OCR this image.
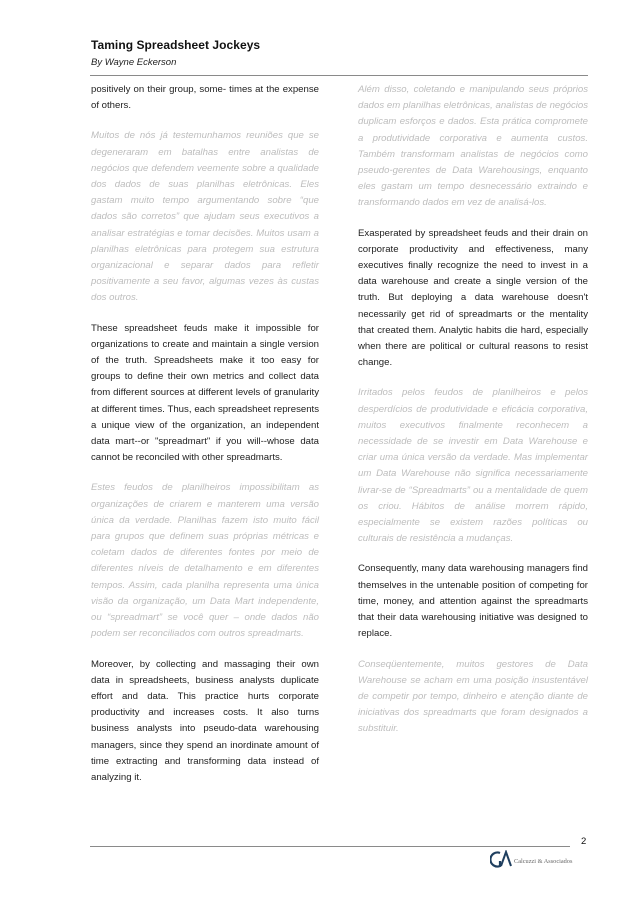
Taming Spreadsheet Jockeys
By Wayne Eckerson

positively on their group, some- times at the expense of others.

Muitos de nós já testemunhamos reuniões que se degeneraram em batalhas entre analistas de negócios que defendem veemente sobre a qualidade dos dados de suas planilhas eletrônicas. Eles gastam muito tempo argumentando sobre “que dados são corretos” que ajudam seus executivos a analisar estratégias e tomar decisões. Muitos usam a planilhas eletrônicas para protegem sua estrutura organizacional e separar dados para refletir positivamente a seu favor, algumas vezes às custas dos outros.

These spreadsheet feuds make it impossible for organizations to create and maintain a single version of the truth. Spreadsheets make it too easy for groups to define their own metrics and collect data from different sources at different levels of granularity at different times. Thus, each spreadsheet represents a unique view of the organization, an independent data mart--or "spreadmart" if you will--whose data cannot be reconciled with other spreadmarts.

Estes feudos de planilheiros impossibilitam as organizações de criarem e manterem uma versão única da verdade. Planilhas fazem isto muito fácil para grupos que definem suas próprias métricas e coletam dados de diferentes fontes por meio de diferentes níveis de detalhamento e em diferentes tempos. Assim, cada planilha representa uma única visão da organização, um Data Mart independente, ou “spreadmart” se você quer – onde dados não podem ser reconciliados com outros spreadmarts.

Moreover, by collecting and massaging their own data in spreadsheets, business analysts duplicate effort and data. This practice hurts corporate productivity and increases costs. It also turns business analysts into pseudo-data warehousing managers, since they spend an inordinate amount of time extracting and transforming data instead of analyzing it.

Além disso, coletando e manipulando seus próprios dados em planilhas eletrônicas, analistas de negócios duplicam esforços e dados. Esta prática compromete a produtividade corporativa e aumenta custos. Também transformam analistas de negócios como pseudo-gerentes de Data Warehousings, enquanto eles gastam um tempo desnecessário extraindo e transformando dados em vez de analisá-los.

Exasperated by spreadsheet feuds and their drain on corporate productivity and effectiveness, many executives finally recognize the need to invest in a data warehouse and create a single version of the truth. But deploying a data warehouse doesn't necessarily get rid of spreadmarts or the mentality that created them. Analytic habits die hard, especially when there are political or cultural reasons to resist change.

Irritados pelos feudos de planilheiros e pelos desperdícios de produtividade e eficácia corporativa, muitos executivos finalmente reconhecem a necessidade de se investir em Data Warehouse e criar uma única versão da verdade. Mas implementar um Data Warehouse não significa necessariamente livrar-se de “Spreadmarts” ou a mentalidade de quem os criou. Hábitos de análise morrem rápido, especialmente se existem razões políticas ou culturais de resistência a mudanças.

Consequently, many data warehousing managers find themselves in the untenable position of competing for time, money, and attention against the spreadmarts that their data warehousing initiative was designed to replace.

Conseqüentemente, muitos gestores de Data Warehouse se acham em uma posição insustentável de competir por tempo, dinheiro e atenção diante de iniciativas dos spreadmarts que foram designados a substituir.

2
Calcuzzi & Associados
